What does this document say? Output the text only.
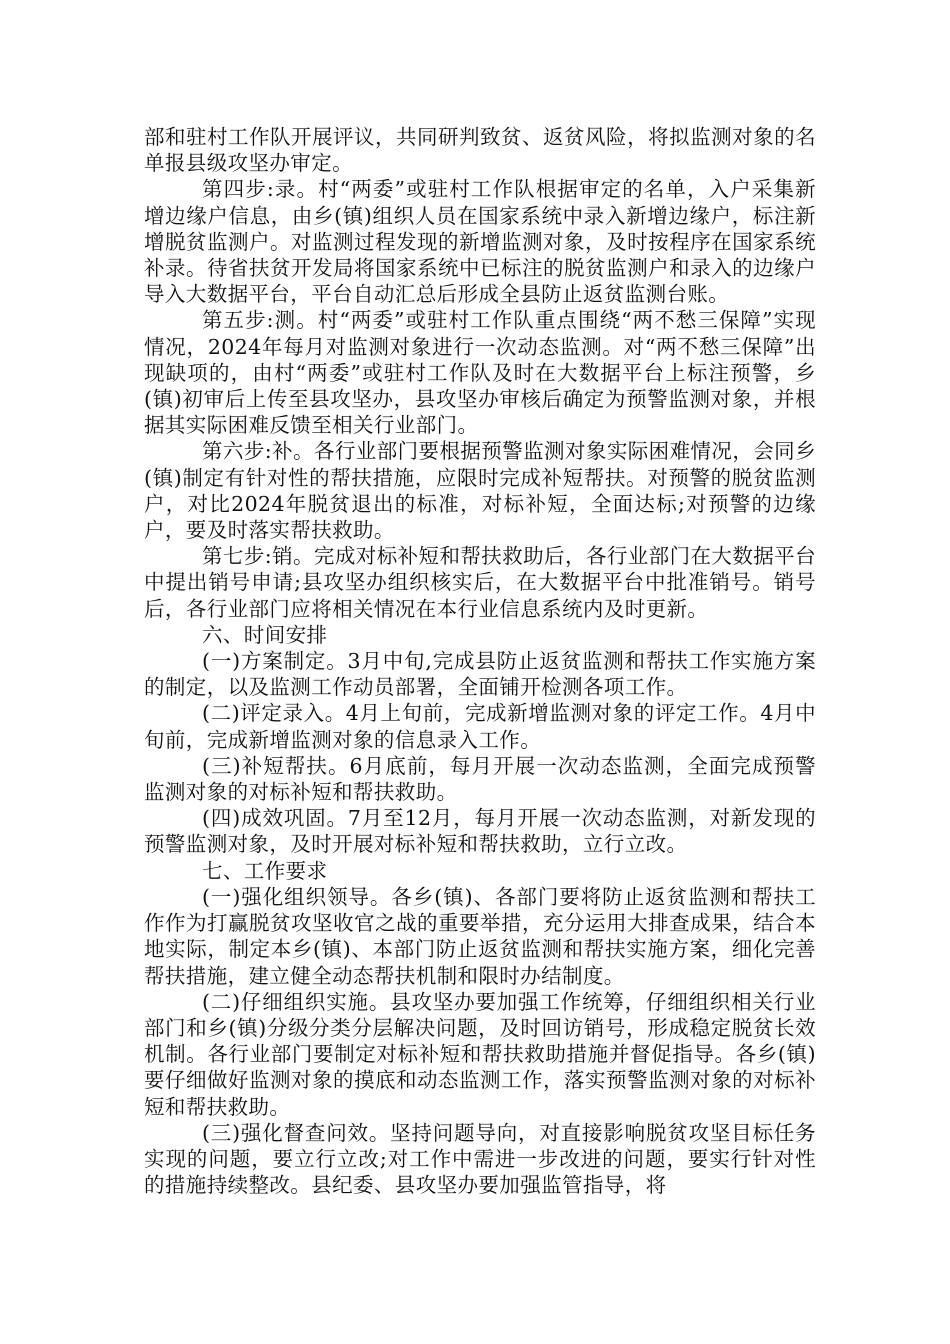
部和驻村工作队开展评议，共同研判致贫、返贫风险，将拟监测对象的名单报县级攻坚办审定。

第四步:录。村“两委”或驻村工作队根据审定的名单，入户采集新增边缘户信息，由乡(镇)组织人员在国家系统中录入新增边缘户，标注新增脱贫监测户。对监测过程发现的新增监测对象，及时按程序在国家系统补录。待省扶贫开发局将国家系统中已标注的脱贫监测户和录入的边缘户导入大数据平台，平台自动汇总后形成全县防止返贫监测台账。

第五步:测。村“两委”或驻村工作队重点围绕“两不愁三保障”实现情况，2024年每月对监测对象进行一次动态监测。对“两不愁三保障”出现缺项的，由村“两委”或驻村工作队及时在大数据平台上标注预警，乡(镇)初审后上传至县攻坚办，县攻坚办审核后确定为预警监测对象，并根据其实际困难反馈至相关行业部门。

第六步:补。各行业部门要根据预警监测对象实际困难情况，会同乡(镇)制定有针对性的帮扶措施，应限时完成补短帮扶。对预警的脱贫监测户，对比2024年脱贫退出的标准，对标补短，全面达标;对预警的边缘户，要及时落实帮扶救助。

第七步:销。完成对标补短和帮扶救助后，各行业部门在大数据平台中提出销号申请;县攻坚办组织核实后，在大数据平台中批准销号。销号后，各行业部门应将相关情况在本行业信息系统内及时更新。

六、时间安排

(一)方案制定。3月中旬,完成县防止返贫监测和帮扶工作实施方案的制定，以及监测工作动员部署，全面铺开检测各项工作。

(二)评定录入。4月上旬前，完成新增监测对象的评定工作。4月中旬前，完成新增监测对象的信息录入工作。

(三)补短帮扶。6月底前，每月开展一次动态监测，全面完成预警监测对象的对标补短和帮扶救助。

(四)成效巩固。7月至12月，每月开展一次动态监测，对新发现的预警监测对象，及时开展对标补短和帮扶救助，立行立改。

七、工作要求

(一)强化组织领导。各乡(镇)、各部门要将防止返贫监测和帮扶工作作为打赢脱贫攻坚收官之战的重要举措，充分运用大排查成果，结合本地实际，制定本乡(镇)、本部门防止返贫监测和帮扶实施方案，细化完善帮扶措施，建立健全动态帮扶机制和限时办结制度。

(二)仔细组织实施。县攻坚办要加强工作统筹，仔细组织相关行业部门和乡(镇)分级分类分层解决问题，及时回访销号，形成稳定脱贫长效机制。各行业部门要制定对标补短和帮扶救助措施并督促指导。各乡(镇)要仔细做好监测对象的摸底和动态监测工作，落实预警监测对象的对标补短和帮扶救助。

(三)强化督查问效。坚持问题导向，对直接影响脱贫攻坚目标任务实现的问题，要立行立改;对工作中需进一步改进的问题，要实行针对性的措施持续整改。县纪委、县攻坚办要加强监管指导，将
